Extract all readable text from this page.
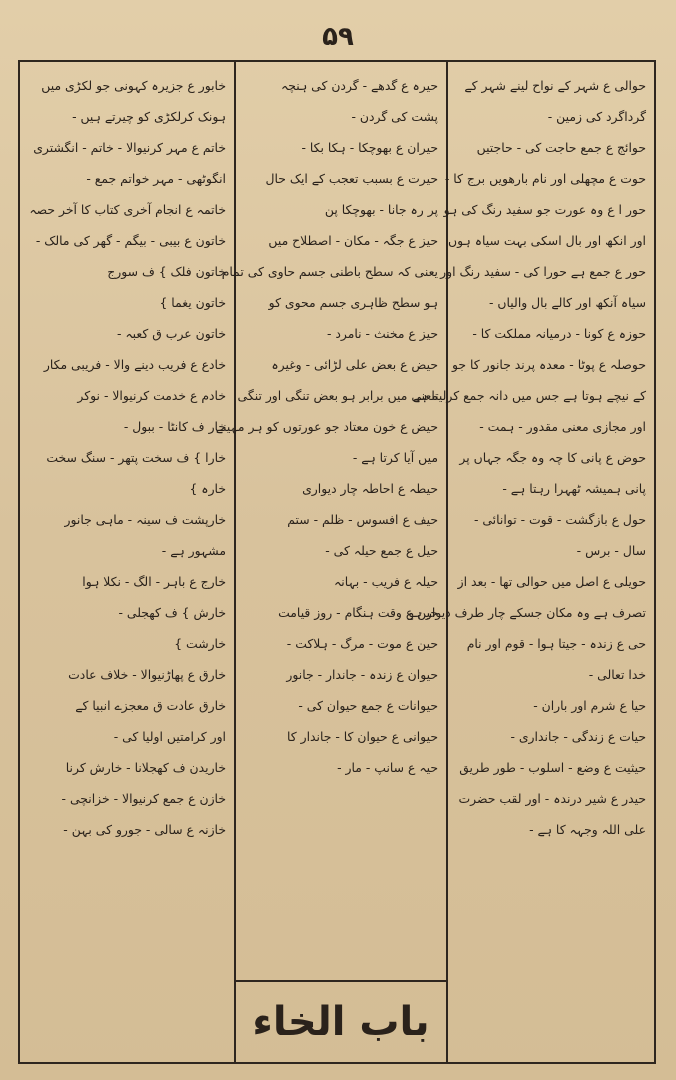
۵۹

حوالی ع شہر کے نواح لینے شہر کے

گرداگرد کی زمین -

حوائج ع جمع حاجت کی - حاجتیں

حوت ع مچھلی اور نام بارھویں برج کا -

حور ا ع وہ عورت جو سفید رنگ کی ہو

اور انکھ اور بال اسکی بہت سیاہ ہوں

حور ع جمع ہے حورا کی - سفید رنگ اور

سیاہ آنکھ اور کالے بال والیاں -

حوزہ ع کونا - درمیانہ مملکت کا -

حوصلہ ع پوٹا - معدہ پرند جانور کا جو

کے نیچے ہوتا ہے جس میں دانہ جمع کرلیتا ہے

اور مجازی معنی مقدور - ہمت -

حوض ع پانی کا چہ وہ جگہ جہاں پر

پانی ہمیشہ ٹھہرا رہتا ہے -

حول ع بازگشت - قوت - توانائی -

سال - برس -

حویلی ع اصل میں حوالی تھا - بعد از

تصرف ہے وہ مکان جسکے چار طرف دیوار ہو

حی ع زندہ - جیتا ہوا - قوم اور نام

خدا تعالی -

حیا ع شرم اور باران -

حیات ع زندگی - جانداری -

حیثیت ع وضع - اسلوب - طور طریق

حیدر ع شیر درندہ - اور لقب حضرت

علی اللہ وجہہ کا ہے -

حیرہ ع گدھے - گردن کی ہنچہ

پشت کی گردن -

حیران ع بھوچکا - ہکا بکا -

حیرت ع بسبب تعجب کے ایک حال

پر رہ جانا - بھوچکا پن

حیز ع جگہ - مکان - اصطلاح میں

یعنی کہ سطح باطنی جسم حاوی کی تمام

ہو سطح ظاہری جسم محوی کو

حیز ع مخنث - نامرد -

حیض ع بعض علی لڑائی - وغیرہ

معنی میں برابر ہو بعض تنگی اور تنگی

حیض ع خون معتاد جو عورتوں کو ہر مہینے

میں آیا کرتا ہے -

حیطہ ع احاطہ چار دیواری

حیف ع افسوس - ظلم - ستم

حیل ع جمع حیلہ کی -

حیلہ ع فریب - بہانہ

حین ع وقت ہنگام - روز قیامت

حین ع موت - مرگ - ہلاکت -

حیوان ع زندہ - جاندار - جانور

حیوانات ع جمع حیوان کی -

حیوانی ع حیوان کا - جاندار کا

حیہ ع سانپ - مار -

باب الخاء

خابور ع جزیرہ کہونی جو لکڑی میں

ہونک کرلکڑی کو چیرتے ہیں -

خاتم ع مہر کرنیوالا - خاتم - انگشتری

انگوٹھی - مہر خواتم جمع -

خاتمہ ع انجام آخری کتاب کا آخر حصہ

خاتون ع بیبی - بیگم - گھر کی مالک -

خاتون فلک } ف سورج

خاتون یغما }

خاتون عرب ق کعبہ -

خادع ع فریب دینے والا - فریبی مکار

خادم ع خدمت کرنیوالا - نوکر

خار ف کانٹا - ببول -

خارا } ف سخت پتھر - سنگ سخت

خارہ }

خارپشت ف سینہ - ماہی جانور

مشہور ہے -

خارج ع باہر - الگ - نکلا ہوا

خارش } ف کھجلی -

خارشت }

خارق ع پھاڑنیوالا - خلاف عادت

خارق عادت ق معجزے انبیا کے

اور کرامتیں اولیا کی -

خاریدن ف کھجلانا - خارش کرنا

خازن ع جمع کرنیوالا - خزانچی -

خازنہ ع سالی - جورو کی بہن -
